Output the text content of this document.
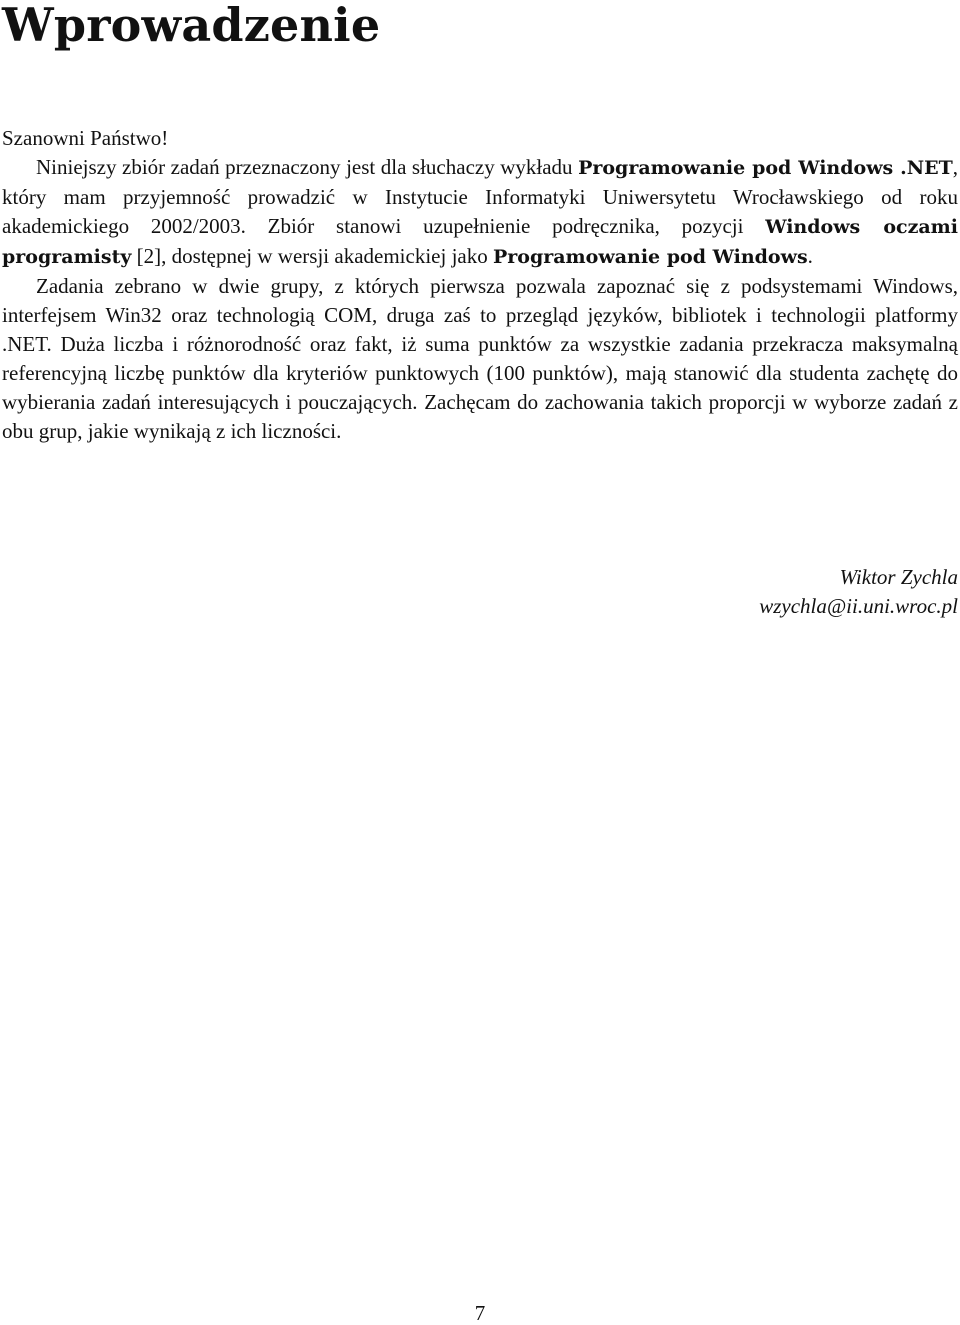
Wprowadzenie

Szanowni Państwo!

Niniejszy zbiór zadań przeznaczony jest dla słuchaczy wykładu Programowanie pod Windows .NET, który mam przyjemność prowadzić w Instytucie Informatyki Uniwersytetu Wrocławskiego od roku akademickiego 2002/2003. Zbiór stanowi uzupełnienie podręcznika, pozycji Windows oczami programisty [2], dostępnej w wersji akademickiej jako Programowanie pod Windows.

Zadania zebrano w dwie grupy, z których pierwsza pozwala zapoznać się z podsystemami Windows, interfejsem Win32 oraz technologią COM, druga zaś to przegląd języków, bibliotek i technologii platformy .NET. Duża liczba i różnorodność oraz fakt, iż suma punktów za wszystkie zadania przekracza maksymalną referencyjną liczbę punktów dla kryteriów punktowych (100 punktów), mają stanowić dla studenta zachętę do wybierania zadań interesujących i pouczających. Zachęcam do zachowania takich proporcji w wyborze zadań z obu grup, jakie wynikają z ich liczności.

Wiktor Zychla
wzychla@ii.uni.wroc.pl
7
